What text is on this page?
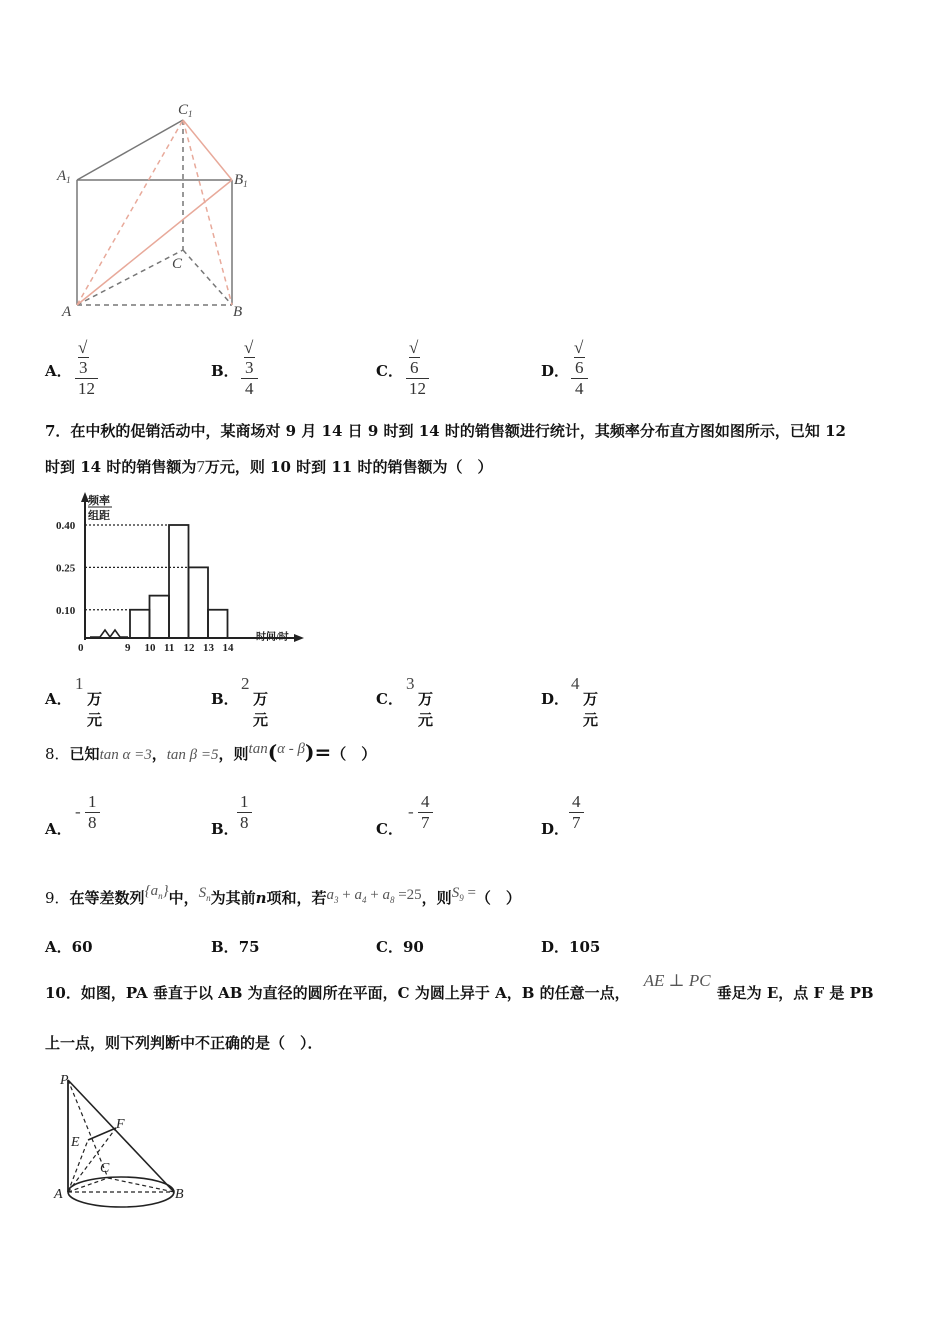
$C_1$
$A_1$	$B_1$
C
A	B
A． $\frac{√3}{12}$	B． $\frac{√3}{4}$	C． $\frac{√6}{12}$	D． $\frac{√6}{4}$
7．在中秋的促销活动中，某商场对 9 月 14 日 9 时到 14 时的销售额进行统计，其频率分布直方图如图所示，已知 12
时到 14 时的销售额为7万元，则 10 时到 11 时的销售额为（　）
频率
组距
0
时间/时
0.10
0.25
0.40
9 10 11 12 13 14
A．
1
万元
B．
2
万元
C．
3
万元
D．
4
万元
8．已知tan α =3，tan β =5，则tan(α - β)=（　）
A．
- $\frac{1}{8}$	B．
$\frac{1}{8}$	C．
- $\frac{4}{7}$	D． $\frac{4}{7}$
9．在等差数列$\{a_n\}$中，$S_n$为其前n项和，若$a_3 + a_4 + a_8 =25$，则$S_9$ =（　）
A．60	B．75	C．90	D．105
10．如图，PA 垂直于以 AB 为直径的圆所在平面，C 为圆上异于 A，B 的任意一点，AE ⊥ PC垂足为 E，点 F 是 PB
上一点，则下列判断中不正确的是（　）．
P
F
E
C
A	B
